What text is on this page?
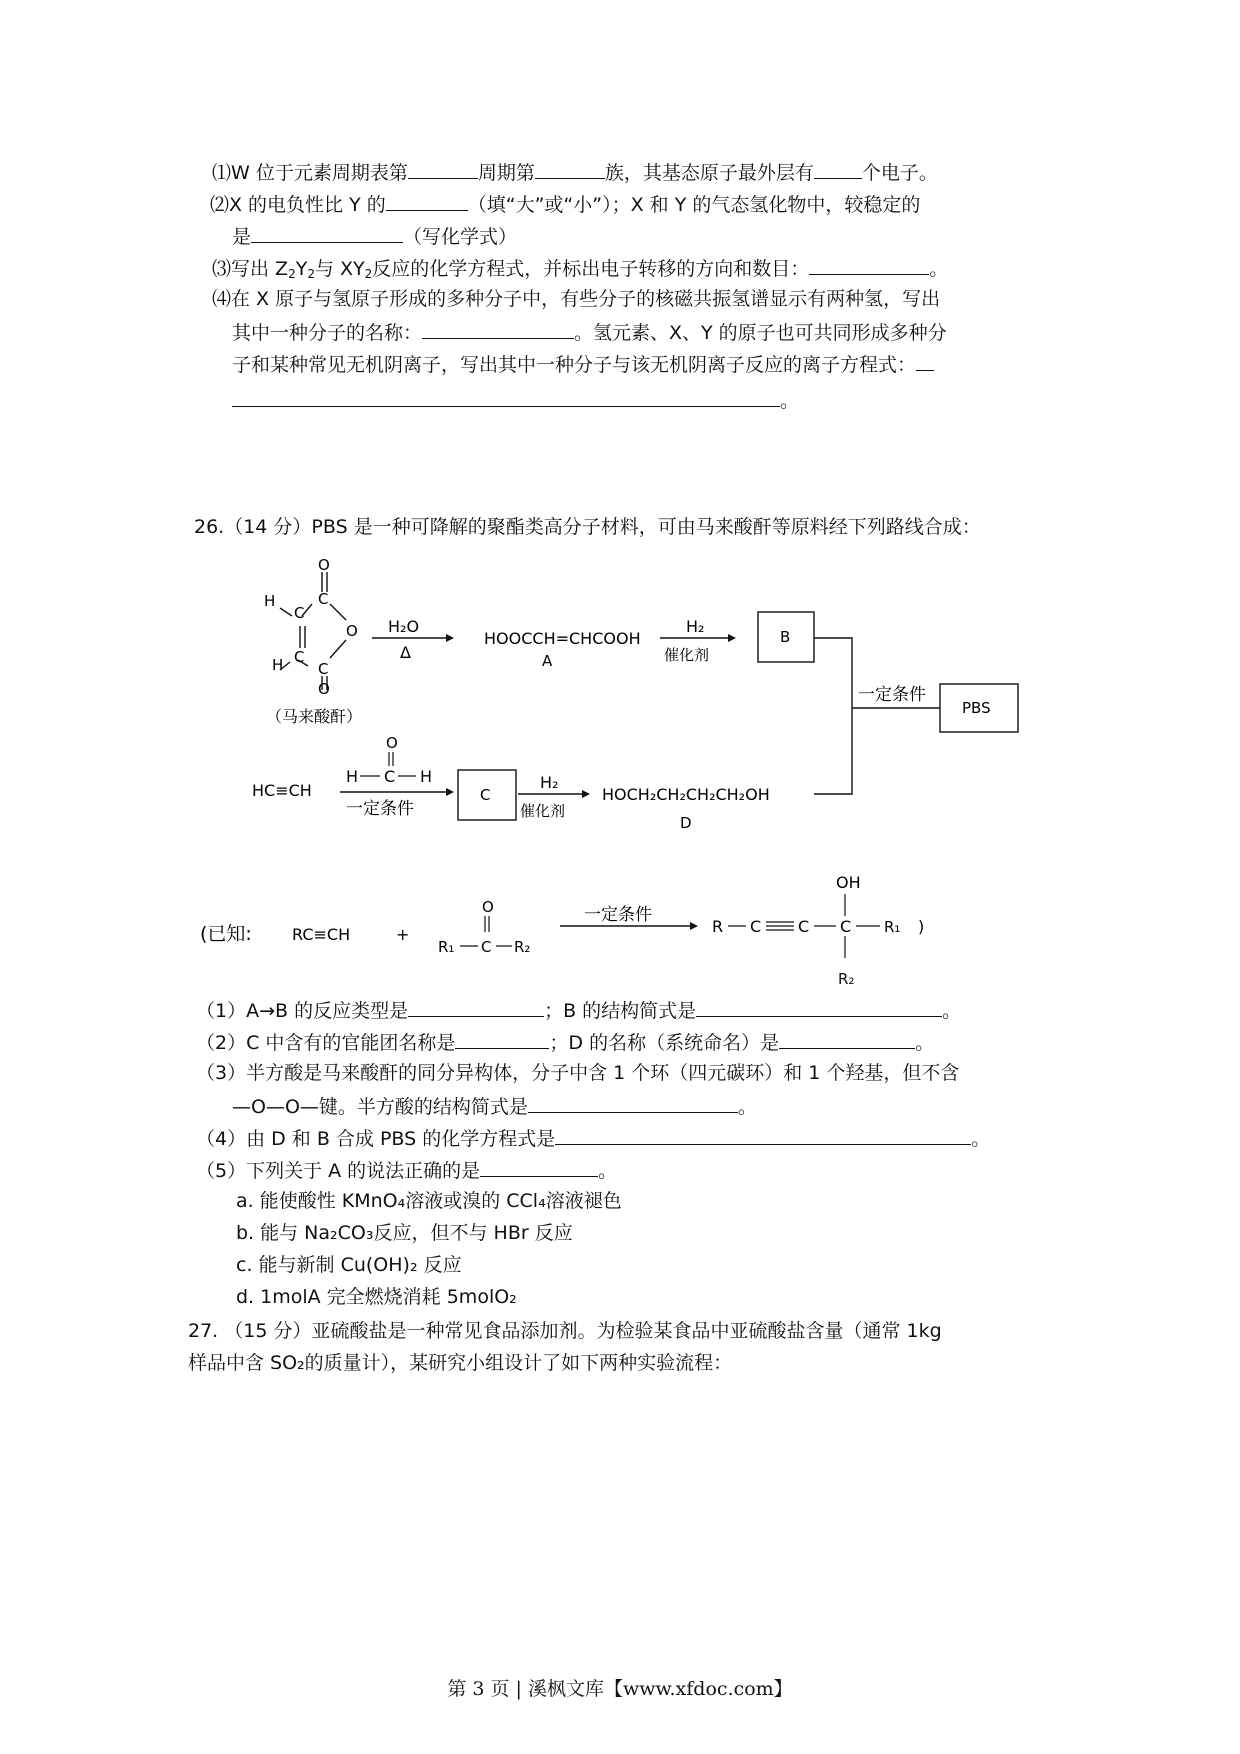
⑴W 位于元素周期表第	周期第	族，其基态原子最外层有	个电子。
⑵X 的电负性比 Y 的	（填“大”或“小”）；X 和 Y 的气态氢化物中，较稳定的
是	（写化学式）
⑶写出 $Z_2Y_2$与 $XY_2$反应的化学方程式，并标出电子转移的方向和数目：	。
⑷在 X 原子与氢原子形成的多种分子中，有些分子的核磁共振氢谱显示有两种氢，写出
其中一种分子的名称：	。氢元素、X、Y 的原子也可共同形成多种分
子和某种常见无机阴离子，写出其中一种分子与该无机阴离子反应的离子方程式：
。
26.（14 分）PBS 是一种可降解的聚酯类高分子材料，可由马来酸酐等原料经下列路线合成：
O
C
H
C
O
C
H C
O
（马来酸酐）
H₂O
Δ
HOOCCH=CHCOOH
A
H₂
催化剂
B
一定条件
PBS
HC≡CH
O
H C H
一定条件
C
H₂
催化剂
HOCH₂CH₂CH₂CH₂OH
D
(已知:	RC≡CH	+
O
R₁ C R₂
一定条件
R C C C
OH
R₁ )
R₂
（1）A→B 的反应类型是	；B 的结构简式是	。
（2）C 中含有的官能团名称是	；D 的名称（系统命名）是	。
（3）半方酸是马来酸酐的同分异构体，分子中含 1 个环（四元碳环）和 1 个羟基，但不含
—O—O—键。半方酸的结构简式是	。
（4）由 D 和 B 合成 PBS 的化学方程式是	。
（5）下列关于 A 的说法正确的是	。
a. 能使酸性 KMnO₄溶液或溴的 CCl₄溶液褪色
b. 能与 Na₂CO₃反应，但不与 HBr 反应
c. 能与新制 Cu(OH)₂ 反应
d. 1molA 完全燃烧消耗 5molO₂
27. （15 分）亚硫酸盐是一种常见食品添加剂。为检验某食品中亚硫酸盐含量（通常 1kg
样品中含 SO₂的质量计），某研究小组设计了如下两种实验流程：
第 3 页 | 溪枫文库【www.xfdoc.com】
